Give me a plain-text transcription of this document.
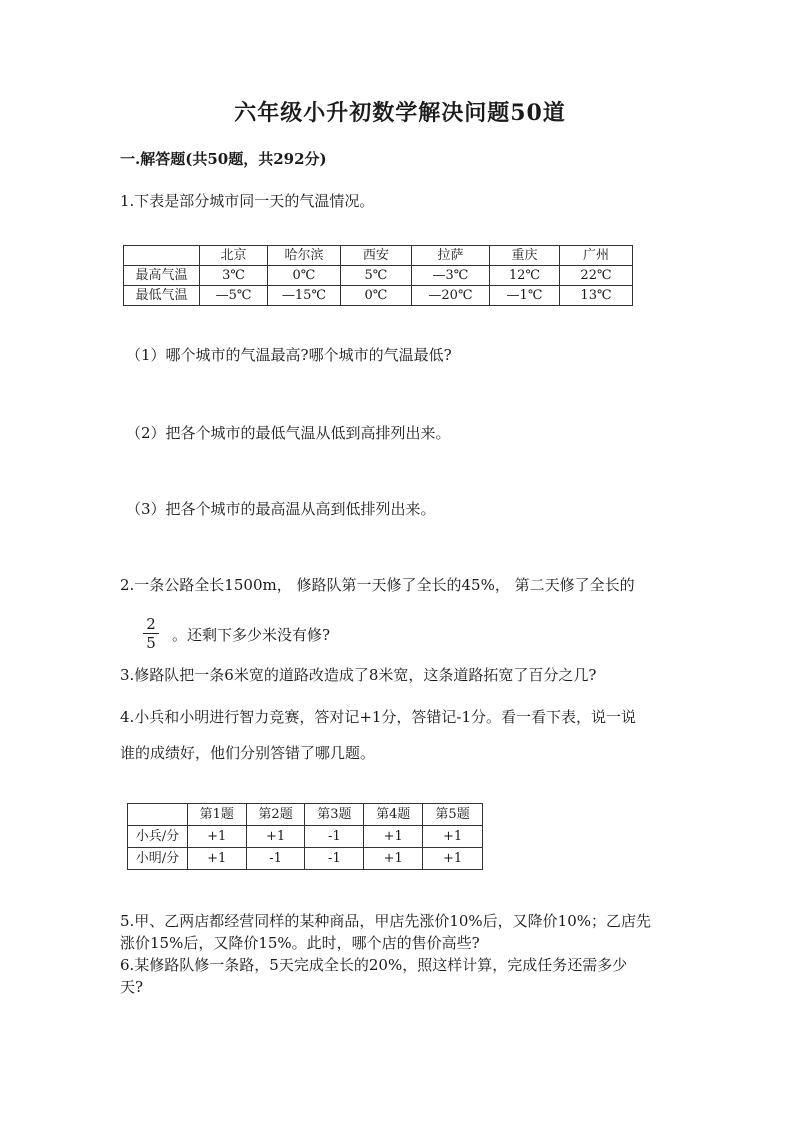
六年级小升初数学解决问题50道
一.解答题(共50题，共292分)
1.下表是部分城市同一天的气温情况。
	北京	哈尔滨	西安	拉萨	重庆	广州
最高气温	3℃	0℃	5℃	—3℃	12℃	22℃
最低气温	—5℃	—15℃	0℃	—20℃	—1℃	13℃
（1）哪个城市的气温最高?哪个城市的气温最低?
（2）把各个城市的最低气温从低到高排列出来。
（3）把各个城市的最高温从高到低排列出来。
2.一条公路全长1500m， 修路队第一天修了全长的45%， 第二天修了全长的
$\frac{2}{5}$ 。还剩下多少米没有修?
3.修路队把一条6米宽的道路改造成了8米宽，这条道路拓宽了百分之几?
4.小兵和小明进行智力竞赛，答对记+1分，答错记-1分。看一看下表，说一说
谁的成绩好，他们分别答错了哪几题。
	第1题	第2题	第3题	第4题	第5题
小兵/分	+1	+1	-1	+1	+1
小明/分	+1	-1	-1	+1	+1
5.甲、乙两店都经营同样的某种商品，甲店先涨价10%后，又降价10%；乙店先
涨价15%后，又降价15%。此时，哪个店的售价高些?
6.某修路队修一条路，5天完成全长的20%，照这样计算，完成任务还需多少
天?
